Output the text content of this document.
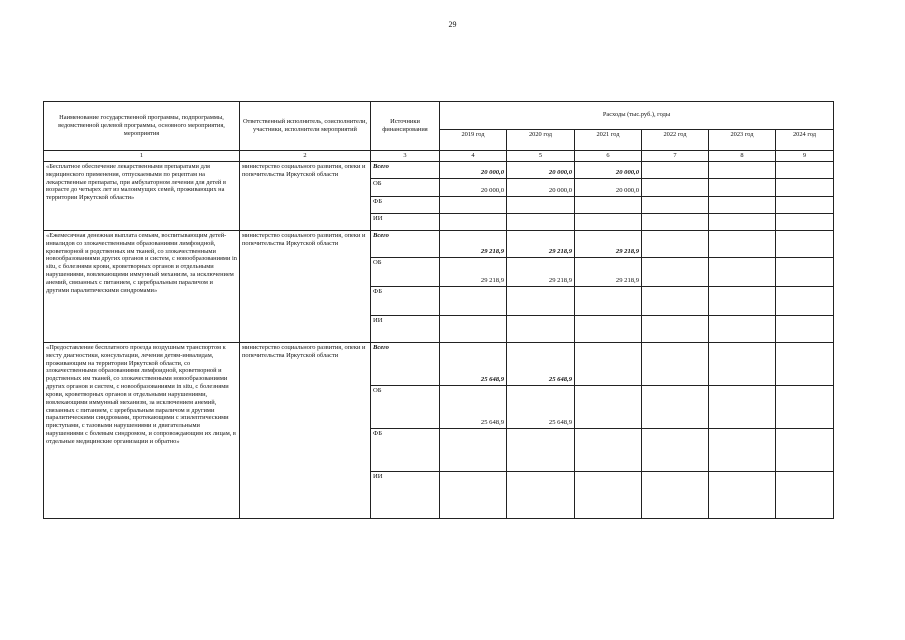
29
Наименование государственной программы, подпрограммы, ведомственной целевой программы, основного мероприятия, мероприятия	Ответственный исполнитель, соисполнители, участники, исполнители мероприятий	Источники финансирования	Расходы (тыс.руб.), годы					
			2019 год	2020 год	2021 год	2022 год	2023 год	2024 год
1	2	3	4	5	6	7	8	9
«Бесплатное обеспечение лекарственными препаратами для медицинского применения, отпускаемыми по рецептам на лекарственные препараты, при амбулаторном лечении для детей в возрасте до четырех лет из малоимущих семей, проживающих на территории Иркутской области»	министерство социального развития, опеки и попечительства Иркутской области	Всего	20 000,0	20 000,0	20 000,0			
		ОБ	20 000,0	20 000,0	20 000,0			
		ФБ						
		ИИ						
«Ежемесячная денежная выплата семьям, воспитывающим детей-инвалидов со злокачественными образованиями лимфоидной, кроветворной и родственных им тканей, со злокачественными новообразованиями других органов и систем, с новообразованиями in situ, с болезнями крови, кроветворных органов и отдельными нарушениями, вовлекающими иммунный механизм, за исключением анемий, связанных с питанием, с церебральным параличом и другими паралитическими синдромами»	министерство социального развития, опеки и попечительства Иркутской области	Всего	29 218,9	29 218,9	29 218,9			
		ОБ	29 218,9	29 218,9	29 218,9			
		ФБ						
		ИИ						
«Предоставление бесплатного проезда воздушным транспортом к месту диагностики, консультации, лечения детям-инвалидам, проживающим на территории Иркутской области, со злокачественными образованиями лимфоидной, кроветворной и родственных им тканей, со злокачественными новообразованиями других органов и систем, с новообразованиями in situ, с болезнями крови, кроветворных органов и отдельными нарушениями, вовлекающими иммунный механизм, за исключением анемий, связанных с питанием, с церебральным параличом и другими паралитическими синдромами, протекающими с эпилептическими приступами, с тазовыми нарушениями и двигательными нарушениями с болевым синдромом, и сопровождающим их лицам, в отдельные медицинские организации и обратно»	министерство социального развития, опеки и попечительства Иркутской области	Всего	25 648,9	25 648,9				
		ОБ	25 648,9	25 648,9				
		ФБ						
		ИИ						
